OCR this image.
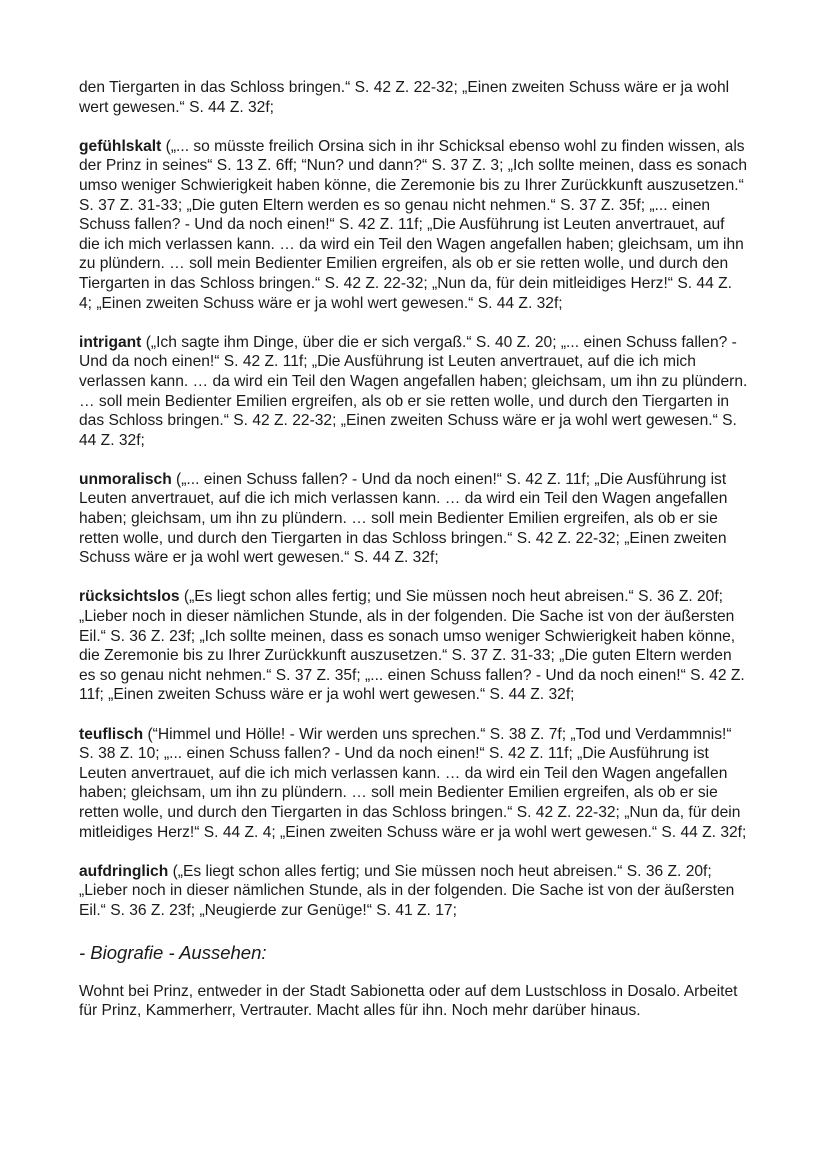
den Tiergarten in das Schloss bringen.“ S. 42 Z. 22-32; „Einen zweiten Schuss wäre er ja wohl wert gewesen.“ S. 44 Z. 32f;

gefühlskalt („... so müsste freilich Orsina sich in ihr Schicksal ebenso wohl zu finden wissen, als der Prinz in seines“ S. 13 Z. 6ff; “Nun? und dann?“ S. 37 Z. 3; „Ich sollte meinen, dass es sonach umso weniger Schwierigkeit haben könne, die Zeremonie bis zu Ihrer Zurückkunft auszusetzen.“ S. 37 Z. 31-33; „Die guten Eltern werden es so genau nicht nehmen.“ S. 37 Z. 35f; „... einen Schuss fallen? - Und da noch einen!“ S. 42 Z. 11f; „Die Ausführung ist Leuten anvertrauet, auf die ich mich verlassen kann. … da wird ein Teil den Wagen angefallen haben; gleichsam, um ihn zu plündern. … soll mein Bedienter Emilien ergreifen, als ob er sie retten wolle, und durch den Tiergarten in das Schloss bringen.“ S. 42 Z. 22-32; „Nun da, für dein mitleidiges Herz!“ S. 44 Z. 4; „Einen zweiten Schuss wäre er ja wohl wert gewesen.“ S. 44 Z. 32f;

intrigant („Ich sagte ihm Dinge, über die er sich vergaß.“ S. 40 Z. 20; „... einen Schuss fallen? - Und da noch einen!“ S. 42 Z. 11f; „Die Ausführung ist Leuten anvertrauet, auf die ich mich verlassen kann. … da wird ein Teil den Wagen angefallen haben; gleichsam, um ihn zu plündern. … soll mein Bedienter Emilien ergreifen, als ob er sie retten wolle, und durch den Tiergarten in das Schloss bringen.“ S. 42 Z. 22-32; „Einen zweiten Schuss wäre er ja wohl wert gewesen.“ S. 44 Z. 32f;

unmoralisch („... einen Schuss fallen? - Und da noch einen!“ S. 42 Z. 11f; „Die Ausführung ist Leuten anvertrauet, auf die ich mich verlassen kann. … da wird ein Teil den Wagen angefallen haben; gleichsam, um ihn zu plündern. … soll mein Bedienter Emilien ergreifen, als ob er sie retten wolle, und durch den Tiergarten in das Schloss bringen.“ S. 42 Z. 22-32; „Einen zweiten Schuss wäre er ja wohl wert gewesen.“ S. 44 Z. 32f;

rücksichtslos („Es liegt schon alles fertig; und Sie müssen noch heut abreisen.“ S. 36 Z. 20f; „Lieber noch in dieser nämlichen Stunde, als in der folgenden. Die Sache ist von der äußersten Eil.“ S. 36 Z. 23f; „Ich sollte meinen, dass es sonach umso weniger Schwierigkeit haben könne, die Zeremonie bis zu Ihrer Zurückkunft auszusetzen.“ S. 37 Z. 31-33; „Die guten Eltern werden es so genau nicht nehmen.“ S. 37 Z. 35f; „... einen Schuss fallen? - Und da noch einen!“ S. 42 Z. 11f; „Einen zweiten Schuss wäre er ja wohl wert gewesen.“ S. 44 Z. 32f;

teuflisch (“Himmel und Hölle! - Wir werden uns sprechen.“ S. 38 Z. 7f; „Tod und Verdammnis!“ S. 38 Z. 10; „... einen Schuss fallen? - Und da noch einen!“ S. 42 Z. 11f; „Die Ausführung ist Leuten anvertrauet, auf die ich mich verlassen kann. … da wird ein Teil den Wagen angefallen haben; gleichsam, um ihn zu plündern. … soll mein Bedienter Emilien ergreifen, als ob er sie retten wolle, und durch den Tiergarten in das Schloss bringen.“ S. 42 Z. 22-32; „Nun da, für dein mitleidiges Herz!“ S. 44 Z. 4; „Einen zweiten Schuss wäre er ja wohl wert gewesen.“ S. 44 Z. 32f;

aufdringlich („Es liegt schon alles fertig; und Sie müssen noch heut abreisen.“ S. 36 Z. 20f; „Lieber noch in dieser nämlichen Stunde, als in der folgenden. Die Sache ist von der äußersten Eil.“ S. 36 Z. 23f; „Neugierde zur Genüge!“ S. 41 Z. 17;

- Biografie - Aussehen:

Wohnt bei Prinz, entweder in der Stadt Sabionetta oder auf dem Lustschloss in Dosalo. Arbeitet für Prinz, Kammerherr, Vertrauter. Macht alles für ihn. Noch mehr darüber hinaus.
